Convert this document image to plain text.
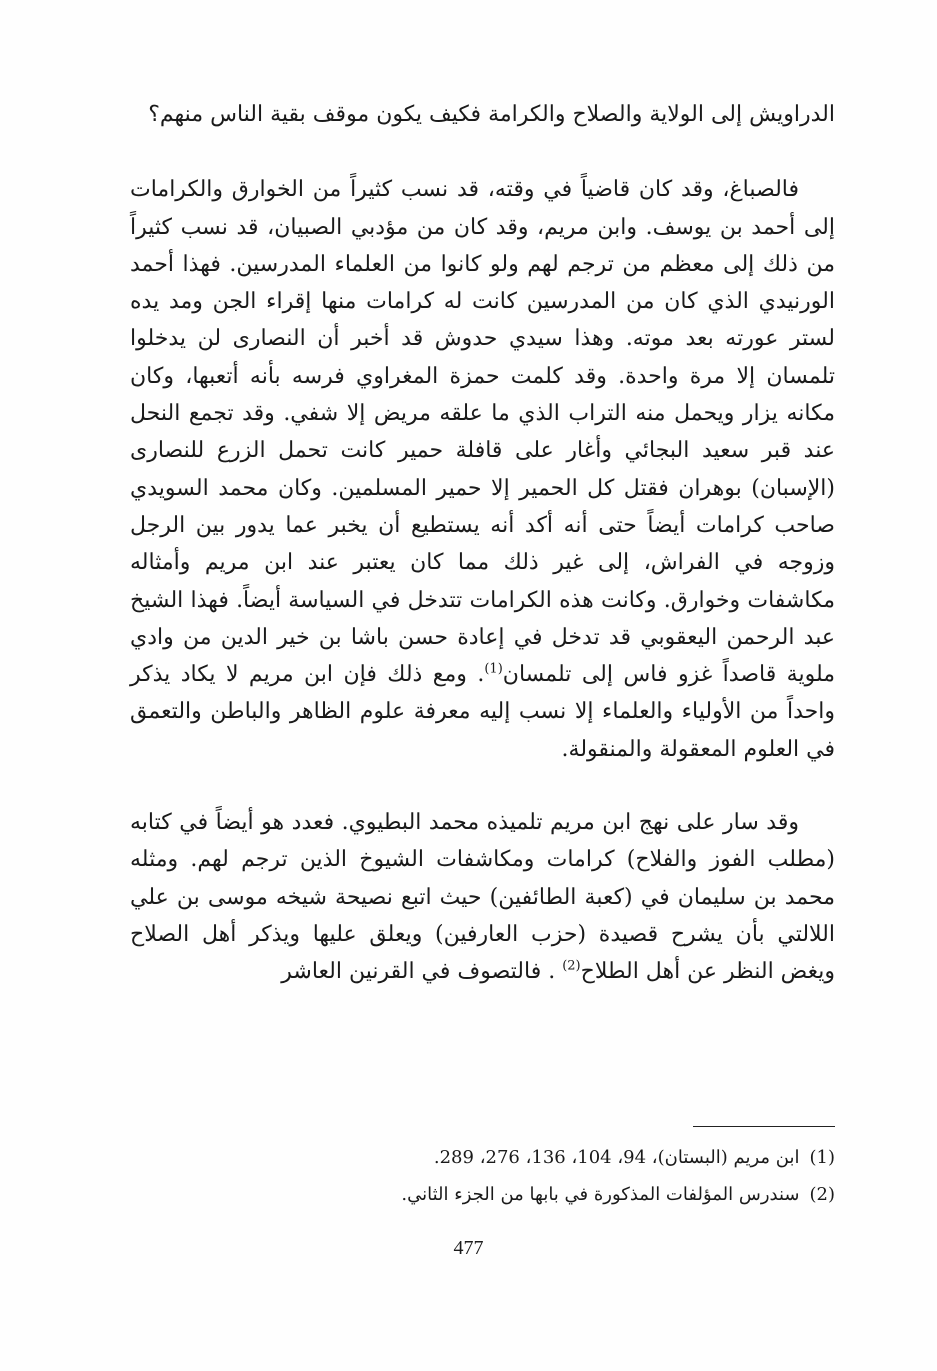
الدراويش إلى الولاية والصلاح والكرامة فكيف يكون موقف بقية الناس منهم؟

فالصباغ، وقد كان قاضياً في وقته، قد نسب كثيراً من الخوارق والكرامات إلى أحمد بن يوسف. وابن مريم، وقد كان من مؤدبي الصبيان، قد نسب كثيراً من ذلك إلى معظم من ترجم لهم ولو كانوا من العلماء المدرسين. فهذا أحمد الورنيدي الذي كان من المدرسين كانت له كرامات منها إقراء الجن ومد يده لستر عورته بعد موته. وهذا سيدي حدوش قد أخبر أن النصارى لن يدخلوا تلمسان إلا مرة واحدة. وقد كلمت حمزة المغراوي فرسه بأنه أتعبها، وكان مكانه يزار ويحمل منه التراب الذي ما علقه مريض إلا شفي. وقد تجمع النحل عند قبر سعيد البجائي وأغار على قافلة حمير كانت تحمل الزرع للنصارى (الإسبان) بوهران فقتل كل الحمير إلا حمير المسلمين. وكان محمد السويدي صاحب كرامات أيضاً حتى أنه أكد أنه يستطيع أن يخبر عما يدور بين الرجل وزوجه في الفراش، إلى غير ذلك مما كان يعتبر عند ابن مريم وأمثاله مكاشفات وخوارق. وكانت هذه الكرامات تتدخل في السياسة أيضاً. فهذا الشيخ عبد الرحمن اليعقوبي قد تدخل في إعادة حسن باشا بن خير الدين من وادي ملوية قاصداً غزو فاس إلى تلمسان$^{(1)}$. ومع ذلك فإن ابن مريم لا يكاد يذكر واحداً من الأولياء والعلماء إلا نسب إليه معرفة علوم الظاهر والباطن والتعمق في العلوم المعقولة والمنقولة.

وقد سار على نهج ابن مريم تلميذه محمد البطيوي. فعدد هو أيضاً في كتابه (مطلب الفوز والفلاح) كرامات ومكاشفات الشيوخ الذين ترجم لهم. ومثله محمد بن سليمان في (كعبة الطائفين) حيث اتبع نصيحة شيخه موسى بن علي اللالتي بأن يشرح قصيدة (حزب العارفين) ويعلق عليها ويذكر أهل الصلاح ويغض النظر عن أهل الطلاح$^{(2)}$ . فالتصوف في القرنين العاشر

(1)ابن مريم (البستان)، 94، 104، 136، 276، 289.

(2)سندرس المؤلفات المذكورة في بابها من الجزء الثاني.

477
